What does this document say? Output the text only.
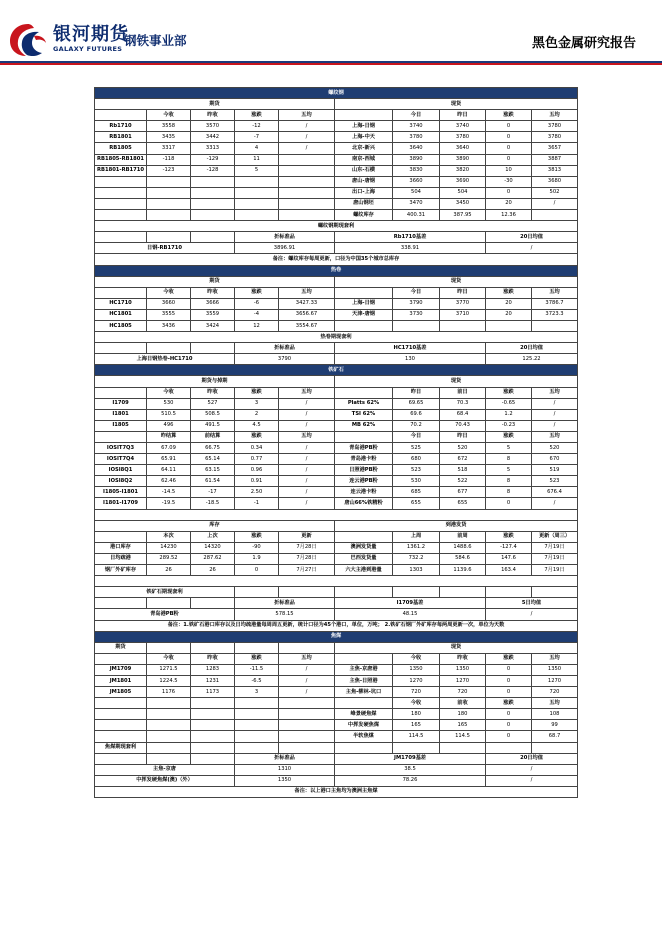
银河期货
GALAXY FUTURES
钢铁事业部	黑色金属研究报告
螺纹钢									
期货					现货				
	今收	昨收	涨跌	五均		今日	昨日	涨跌	五均
Rb1710	3558	3570	-12	/	上海-日钢	3740	3740	0	3780
RB1801	3435	3442	-7	/	上海-中天	3780	3780	0	3780
RB1805	3317	3313	4	/	北京-新兴	3640	3640	0	3657
RB1805-RB1801	-118	-129	11		南京-西城	3890	3890	0	3887
RB1801-RB1710	-123	-128	5		山东-石横	3830	3820	10	3813
					唐山-唐钢	3660	3690	-30	3680
					出口-上海	504	504	0	502
					唐山钢坯	3470	3450	20	/
					螺纹库存	400.31	387.95	12.36	
螺纹钢期现套利									
			折标准品		Rb1710基差			20日均值	
日钢-RB1710			3896.91		338.91			/	
备注：螺纹库存每周更新，口径为中国35个城市总库存									
热卷									
期货					现货				
	今收	昨收	涨跌	五均		今日	昨日	涨跌	五均
HC1710	3660	3666	-6	3427.33	上海-日钢	3790	3770	20	3786.7
HC1801	3555	3559	-4	3656.67	天津-唐钢	3730	3710	20	3723.3
HC1805	3436	3424	12	3554.67					
热卷期现套利									
			折标准品		HC1710基差			20日均值	
上海日钢热卷-HC1710			3790		130			125.22	
铁矿石									
期货与掉期					现货				
	今收	昨收	涨跌	五均		昨日	前日	涨跌	五均
I1709	530	527	3	/	Platts 62%	69.65	70.3	-0.65	/
I1801	510.5	508.5	2	/	TSI 62%	69.6	68.4	1.2	/
I1805	496	491.5	4.5	/	MB 62%	70.2	70.43	-0.23	/
	昨结算	前结算	涨跌	五均		今日	昨日	涨跌	五均
IOSIT7Q3	67.09	66.75	0.34	/	青岛港PB粉	525	520	5	520
IOSIT7Q4	65.91	65.14	0.77	/	青岛港卡粉	680	672	8	670
IOSI8Q1	64.11	63.15	0.96	/	日照港PB粉	523	518	5	519
IOSI8Q2	62.46	61.54	0.91	/	连云港PB粉	530	522	8	523
I1805-I1801	-14.5	-17	2.50	/	连云港卡粉	685	677	8	676.4
I1801-I1709	-19.5	-18.5	-1	/	唐山66%铁精粉	655	655	0	/

库存					到港发货				
	本次	上次	涨跌	更新		上周	前周	涨跌	更新（周三）
港口库存	14230	14320	-90	7月28日	澳洲发货量	1361.2	1488.6	-127.4	7月19日
日均疏港	289.52	287.62	1.9	7月28日	巴西发货量	732.2	584.6	147.6	7月19日
钢厂外矿库存	26	26	0	7月27日	六大主港到港量	1303	1139.6	163.4	7月19日

铁矿石期现套利									
			折标准品		I1709基差			5日均值	
青岛港PB粉			578.15		48.15			/	
备注：1.铁矿石港口库存以及日均疏港量每周周五更新，统计口径为45个港口，单位，万吨； 2.铁矿石钢厂外矿库存每两周更新一次，单位为天数									
焦煤									
期货					现货				
	今收	昨收	涨跌	五均		今收	昨收	涨跌	五均
JM1709	1271.5	1283	-11.5	/	主焦-京唐港	1350	1350	0	1350
JM1801	1224.5	1231	-6.5	/	主焦-日照港	1270	1270	0	1270
JM1805	1176	1173	3	/	主焦-柳林-坑口	720	720	0	720
						今收	前收	涨跌	五均
					峰景硬焦煤	180	180	0	108
					中挥发硬焦煤	165	165	0	99
					半软焦煤	114.5	114.5	0	68.7
焦煤期现套利									
			折标准品		JM1709基差			20日均值	
主焦-京唐			1310		38.5			/	
中挥发硬焦煤(澳)（外）			1350		78.26			/	
备注：以上港口主焦均为澳洲主焦煤									
